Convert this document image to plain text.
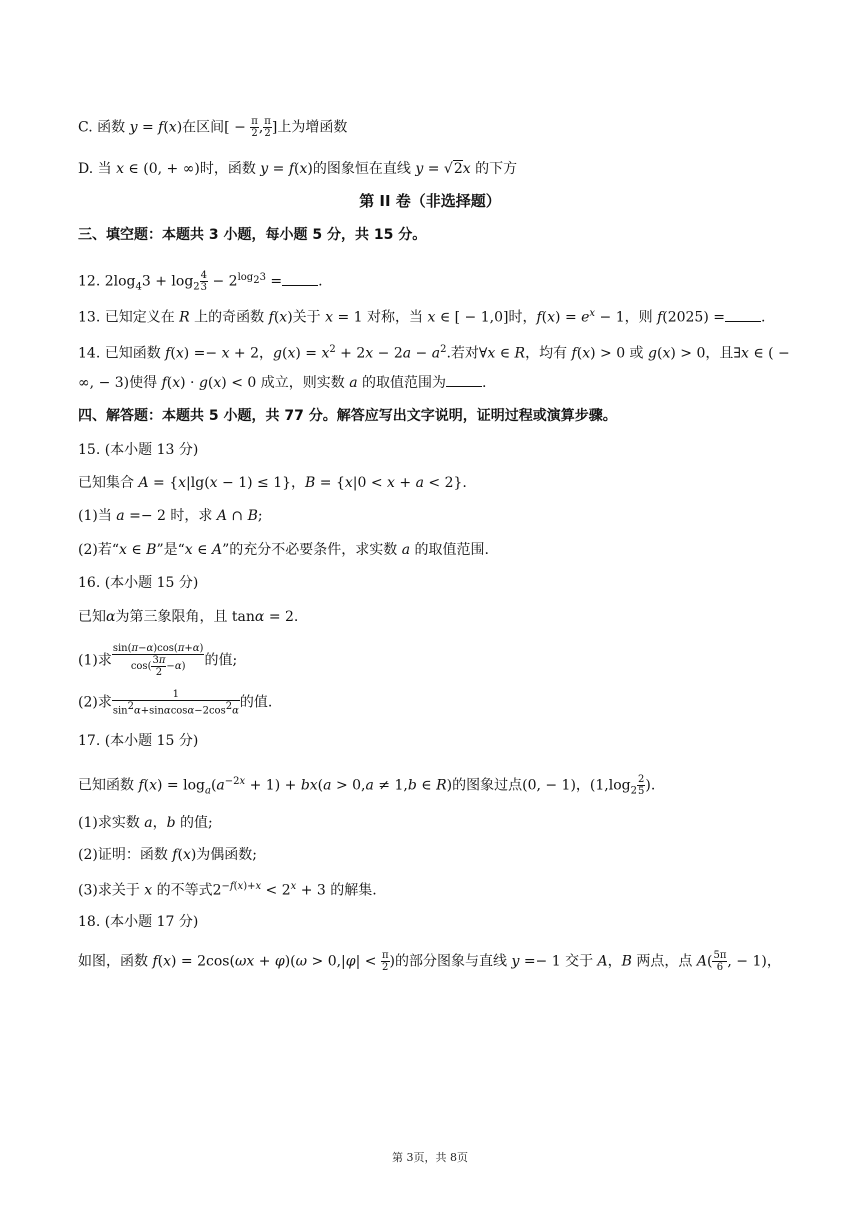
C. 函数 y = f(x)在区间[ − $\frac{\pi}{2}$ , $\frac{\pi}{2}$ ]上为增函数
D. 当 x ∈ (0, + ∞)时，函数 y = f(x)的图象恒在直线 y = √2x 的下方
第 II 卷（非选择题）
三、填空题：本题共 3 小题，每小题 5 分，共 15 分。
12. $2\log_43 + \log_2 \frac{4}{3} - 2^{log_23}$ =	.
13. 已知定义在 R 上的奇函数 f(x)关于 x = 1 对称，当 x ∈ [ − 1,0]时，$f(x) = e^x - 1$，则 f(2025) =	.
14. 已知函数 f(x) =− x + 2，$g(x) = x^2 + 2x - 2a - a^2$.若对∀x ∈ R，均有 f(x) > 0 或 g(x) > 0，且∃x ∈ ( −
∞, − 3)使得 f(x) · g(x) < 0 成立，则实数 a 的取值范围为	.
四、解答题：本题共 5 小题，共 77 分。解答应写出文字说明，证明过程或演算步骤。
15. (本小题 13 分)
已知集合 A = {x|lg(x − 1) ≤ 1}，B = {x|0 < x + a < 2}.
(1)当 a =− 2 时，求 A ∩ B;
(2)若“x ∈ B”是“x ∈ A”的充分不必要条件，求实数 a 的取值范围.
16. (本小题 15 分)
已知α为第三象限角，且 tanα = 2.
(1)求 $\frac{\sin(\pi-\alpha)\cos(\pi+\alpha)}{\cos( \frac{3\pi}{2} -\alpha)}$ 的值;
(2)求 $\frac{1}{\sin^2\alpha+\sin\alpha\cos\alpha-2\cos^2\alpha}$ 的值.
17. (本小题 15 分)
已知函数 $f(x) = \log_a(a^{-2x} + 1) + bx(a > 0,a \ne 1,b$ ∈ R)的图象过点(0, − 1)，($1,\log_2 \frac{2}{5}$ ).
(1)求实数 a，b 的值;
(2)证明：函数 f(x)为偶函数;
(3)求关于 x 的不等式$2^{-f(x)+x} < 2^x + 3$ 的解集.
18. (本小题 17 分)
如图，函数 $f(x) = 2\cos(\omega x + \varphi)(\omega > 0,|\varphi| < \frac{\pi}{2}$ )的部分图象与直线 y =− 1 交于 A，B 两点，点 $A( \frac{5\pi}{6}$ , − 1)，
第 3页，共 8页
